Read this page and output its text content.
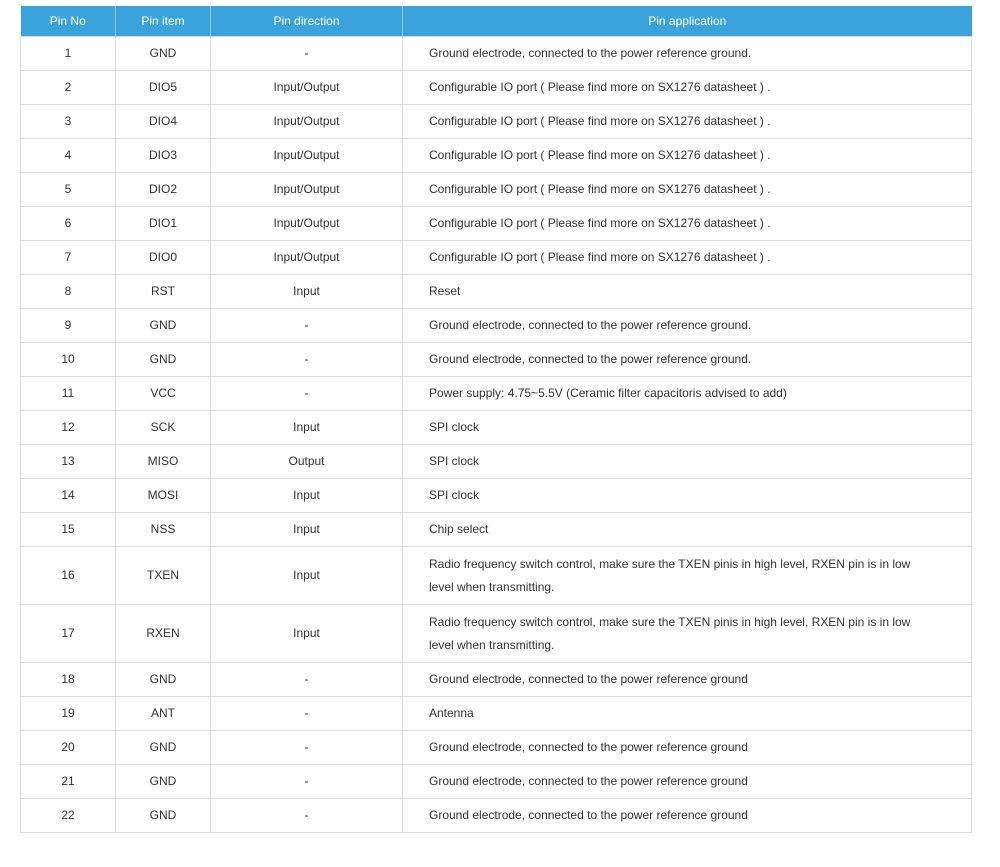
Pin No	Pin item	Pin direction	Pin application
1	GND	-	Ground electrode, connected to the power reference ground.
2	DIO5	Input/Output	Configurable IO port ( Please find more on SX1276 datasheet ) .
3	DIO4	Input/Output	Configurable IO port ( Please find more on SX1276 datasheet ) .
4	DIO3	Input/Output	Configurable IO port ( Please find more on SX1276 datasheet ) .
5	DIO2	Input/Output	Configurable IO port ( Please find more on SX1276 datasheet ) .
6	DIO1	Input/Output	Configurable IO port ( Please find more on SX1276 datasheet ) .
7	DIO0	Input/Output	Configurable IO port ( Please find more on SX1276 datasheet ) .
8	RST	Input	Reset
9	GND	-	Ground electrode, connected to the power reference ground.
10	GND	-	Ground electrode, connected to the power reference ground.
11	VCC	-	Power supply: 4.75~5.5V (Ceramic filter capacitoris advised to add)
12	SCK	Input	SPI clock
13	MISO	Output	SPI clock
14	MOSI	Input	SPI clock
15	NSS	Input	Chip select
16	TXEN	Input	Radio frequency switch control, make sure the TXEN pinis in high level, RXEN pin is in low level when transmitting.
17	RXEN	Input	Radio frequency switch control, make sure the TXEN pinis in high level, RXEN pin is in low level when transmitting.
18	GND	-	Ground electrode, connected to the power reference ground
19	ANT	-	Antenna
20	GND	-	Ground electrode, connected to the power reference ground
21	GND	-	Ground electrode, connected to the power reference ground
22	GND	-	Ground electrode, connected to the power reference ground
